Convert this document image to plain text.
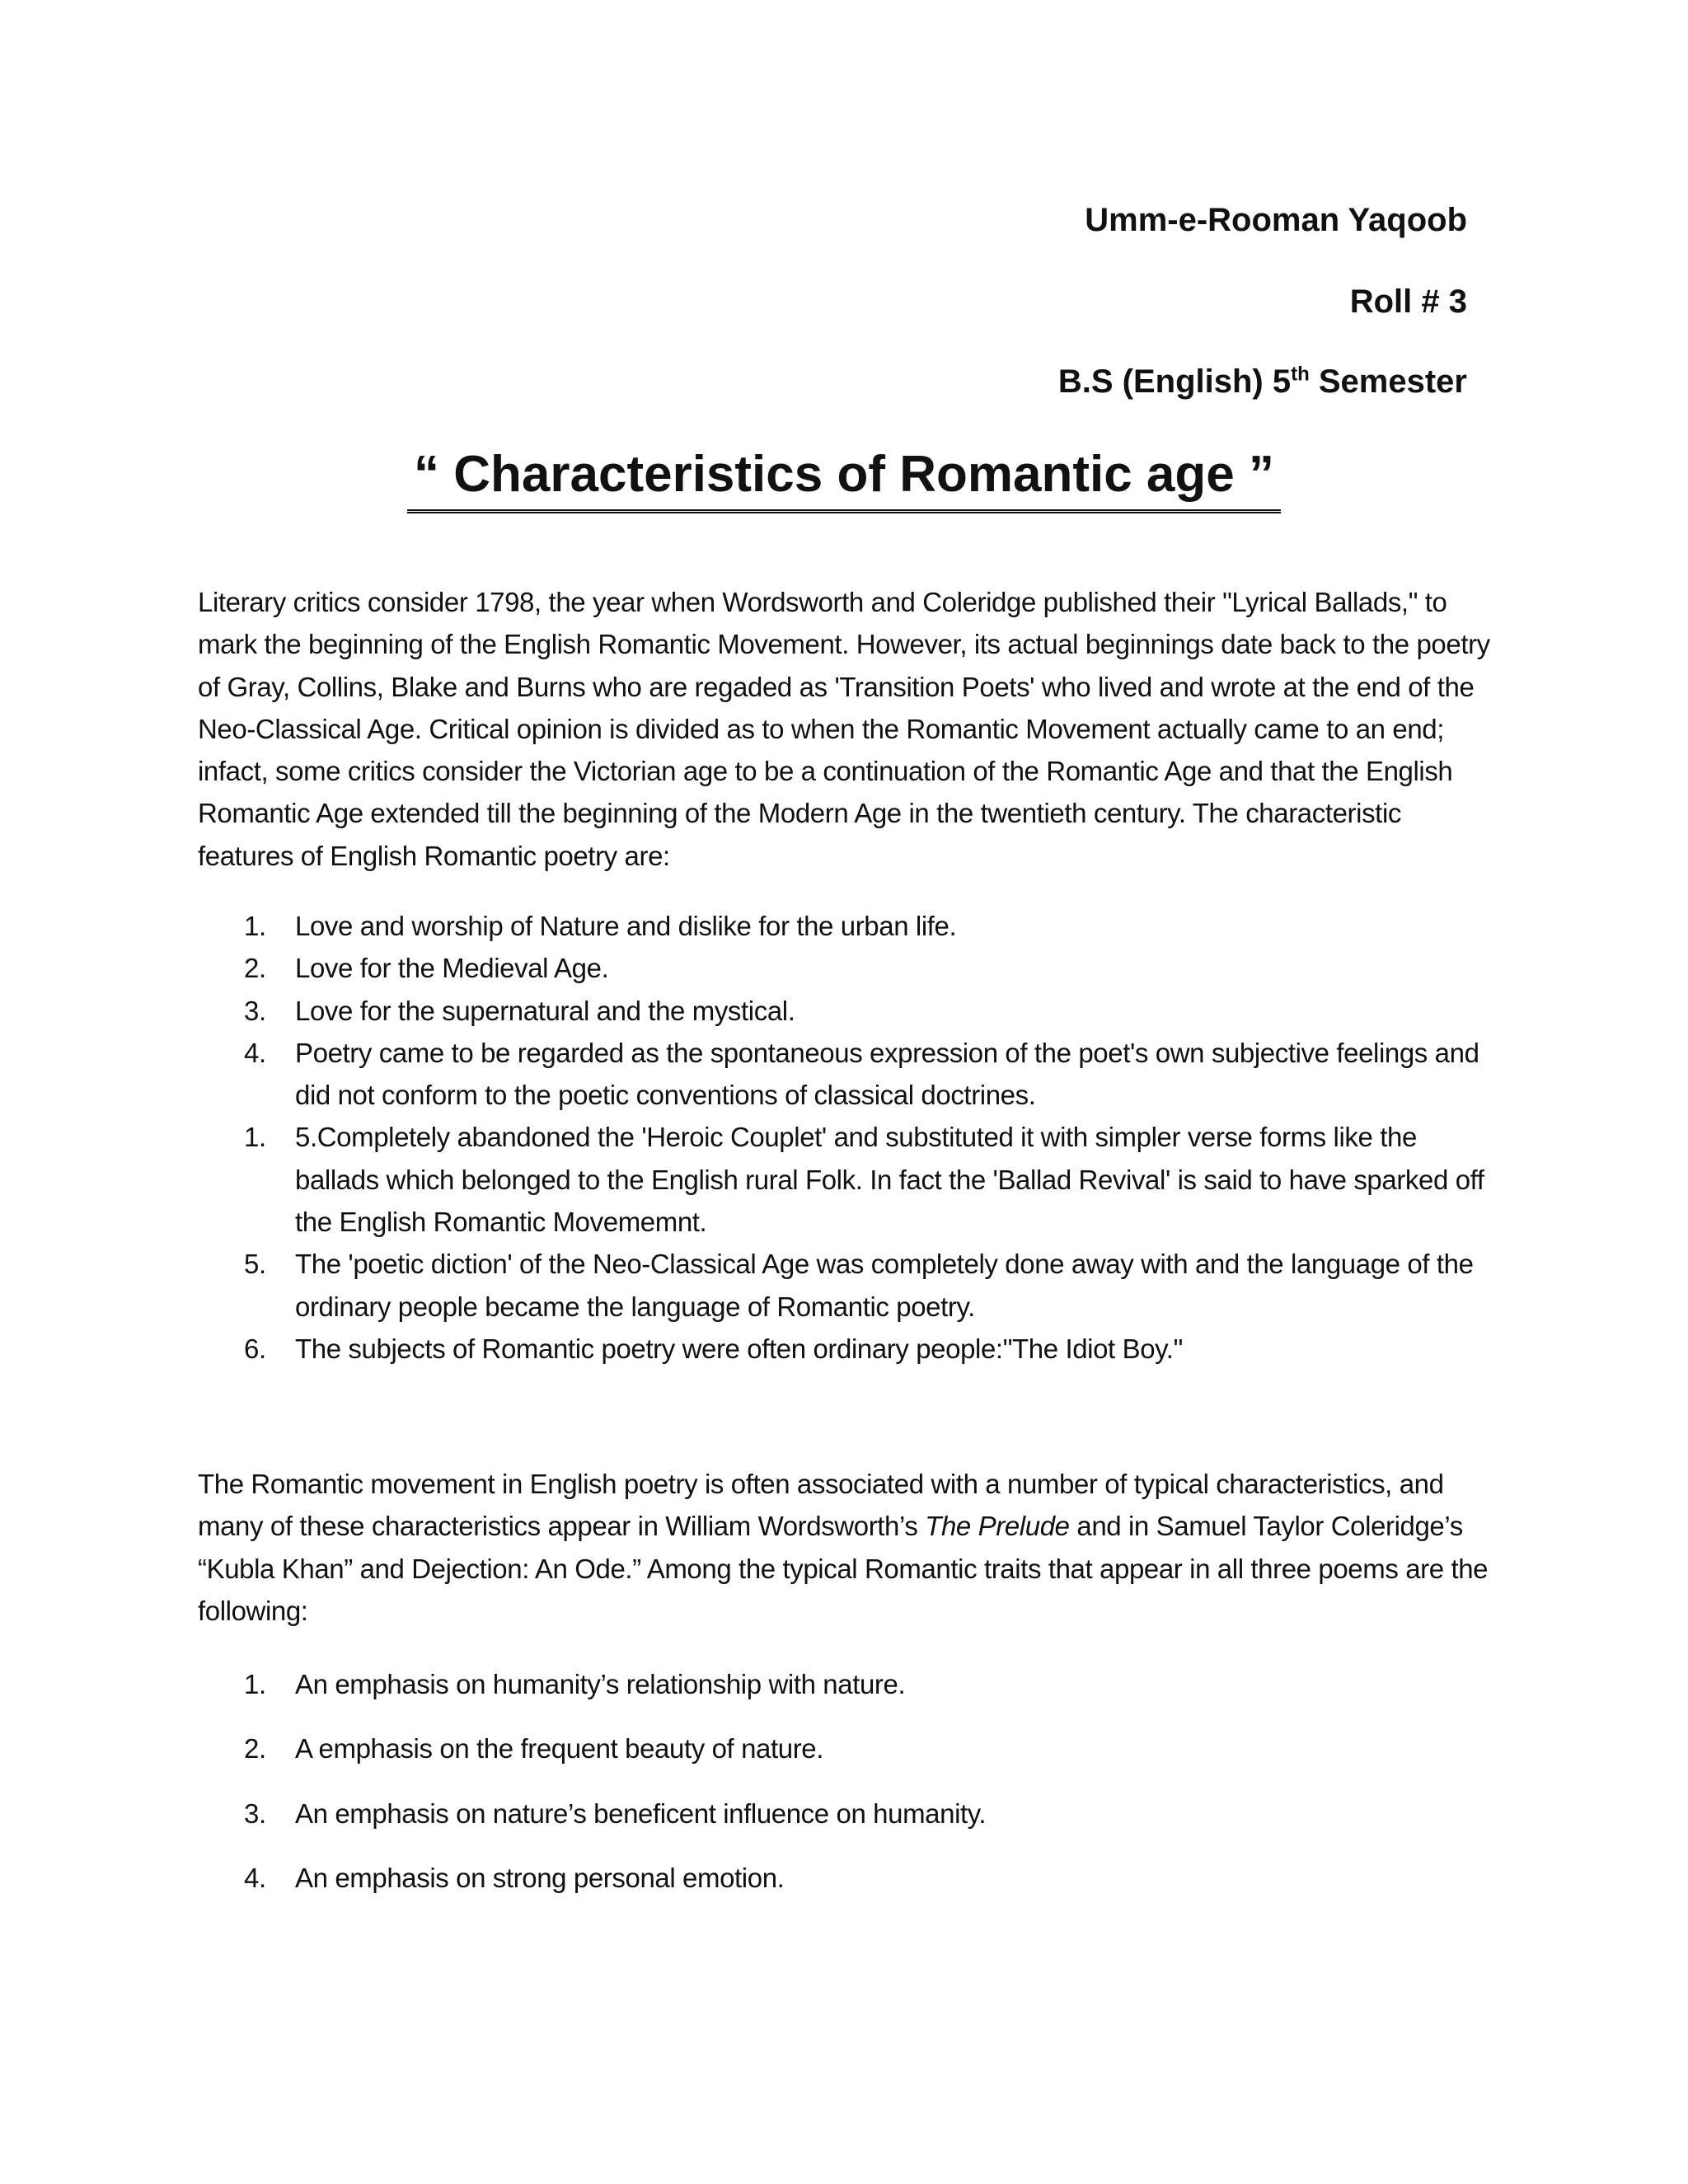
Umm-e-Rooman Yaqoob
Roll # 3
B.S (English) 5th Semester
“ Characteristics of Romantic age ”

Literary critics consider 1798, the year when Wordsworth and Coleridge published their "Lyrical Ballads," to mark the beginning of the English Romantic Movement. However, its actual beginnings date back to the poetry of Gray, Collins, Blake and Burns who are regaded as 'Transition Poets' who lived and wrote at the end of the Neo-Classical Age. Critical opinion is divided as to when the Romantic Movement actually came to an end; infact, some critics consider the Victorian age to be a continuation of the Romantic Age and that the English Romantic Age extended till the beginning of the Modern Age in the twentieth century. The characteristic features of English Romantic poetry are:

1. Love and worship of Nature and dislike for the urban life.
2. Love for the Medieval Age.
3. Love for the supernatural and the mystical.
4. Poetry came to be regarded as the spontaneous expression of the poet's own subjective feelings and did not conform to the poetic conventions of classical doctrines.
1. 5.Completely abandoned the 'Heroic Couplet' and substituted it with simpler verse forms like the ballads which belonged to the English rural Folk. In fact the 'Ballad Revival' is said to have sparked off the English Romantic Movememnt.
5. The 'poetic diction' of the Neo-Classical Age was completely done away with and the language of the ordinary people became the language of Romantic poetry.
6. The subjects of Romantic poetry were often ordinary people:"The Idiot Boy."

The Romantic movement in English poetry is often associated with a number of typical characteristics, and many of these characteristics appear in William Wordsworth’s The Prelude and in Samuel Taylor Coleridge’s “Kubla Khan” and Dejection: An Ode.” Among the typical Romantic traits that appear in all three poems are the following:

1. An emphasis on humanity’s relationship with nature.
2. A emphasis on the frequent beauty of nature.
3. An emphasis on nature’s beneficent influence on humanity.
4. An emphasis on strong personal emotion.
